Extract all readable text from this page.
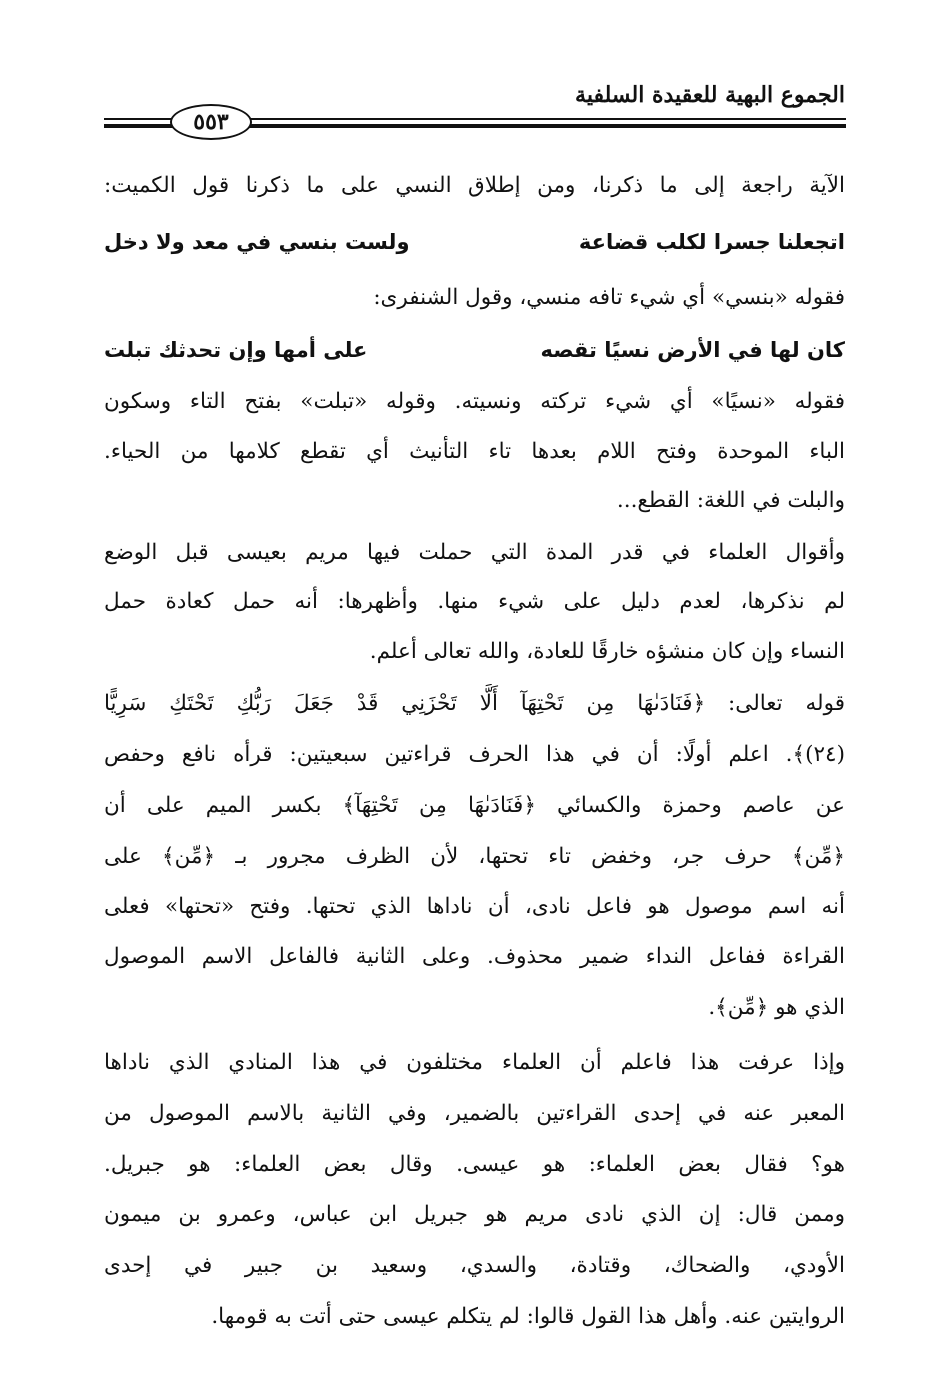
الجموع البهية للعقيدة السلفية
٥٥٣
الآية راجعة إلى ما ذكرنا، ومن إطلاق النسي على ما ذكرنا قول الكميت:
اتجعلنا جسرا لكلب قضاعة
ولست بنسي في معد ولا دخل
فقوله «بنسي» أي شيء تافه منسي، وقول الشنفرى:
كان لها في الأرض نسيًا تقصه
على أمها وإن تحدثك تبلت
فقوله «نسيًا» أي شيء تركته ونسيته. وقوله «تبلت» بفتح التاء وسكون
الباء الموحدة وفتح اللام بعدها تاء التأنيث أي تقطع كلامها من الحياء.
والبلت في اللغة: القطع...
وأقوال العلماء في قدر المدة التي حملت فيها مريم بعيسى قبل الوضع
لم نذكرها، لعدم دليل على شيء منها. وأظهرها: أنه حمل كعادة حمل
النساء وإن كان منشؤه خارقًا للعادة، والله تعالى أعلم.
قوله تعالى: ﴿فَنَادَىٰهَا مِن تَحْتِهَآ أَلَّا تَحْزَنِي قَدْ جَعَلَ رَبُّكِ تَحْتَكِ سَرِيًّا
(٢٤)﴾. اعلم أولًا: أن في هذا الحرف قراءتين سبعيتين: قرأه نافع وحفص
عن عاصم وحمزة والكسائي ﴿فَنَادَىٰهَا مِن تَحْتِهَآ﴾ بكسر الميم على أن
﴿مِّن﴾ حرف جر، وخفض تاء تحتها، لأن الظرف مجرور بـ ﴿مِّن﴾ على
أنه اسم موصول هو فاعل نادى، أن ناداها الذي تحتها. وفتح «تحتها» فعلى
القراءة ففاعل النداء ضمير محذوف. وعلى الثانية فالفاعل الاسم الموصول
الذي هو ﴿مِّن﴾.
وإذا عرفت هذا فاعلم أن العلماء مختلفون في هذا المنادي الذي ناداها
المعبر عنه في إحدى القراءتين بالضمير، وفي الثانية بالاسم الموصول من
هو؟ فقال بعض العلماء: هو عيسى. وقال بعض العلماء: هو جبريل.
وممن قال: إن الذي نادى مريم هو جبريل ابن عباس، وعمرو بن ميمون
الأودي، والضحاك، وقتادة، والسدي، وسعيد بن جبير في إحدى
الروايتين عنه. وأهل هذا القول قالوا: لم يتكلم عيسى حتى أتت به قومها.
